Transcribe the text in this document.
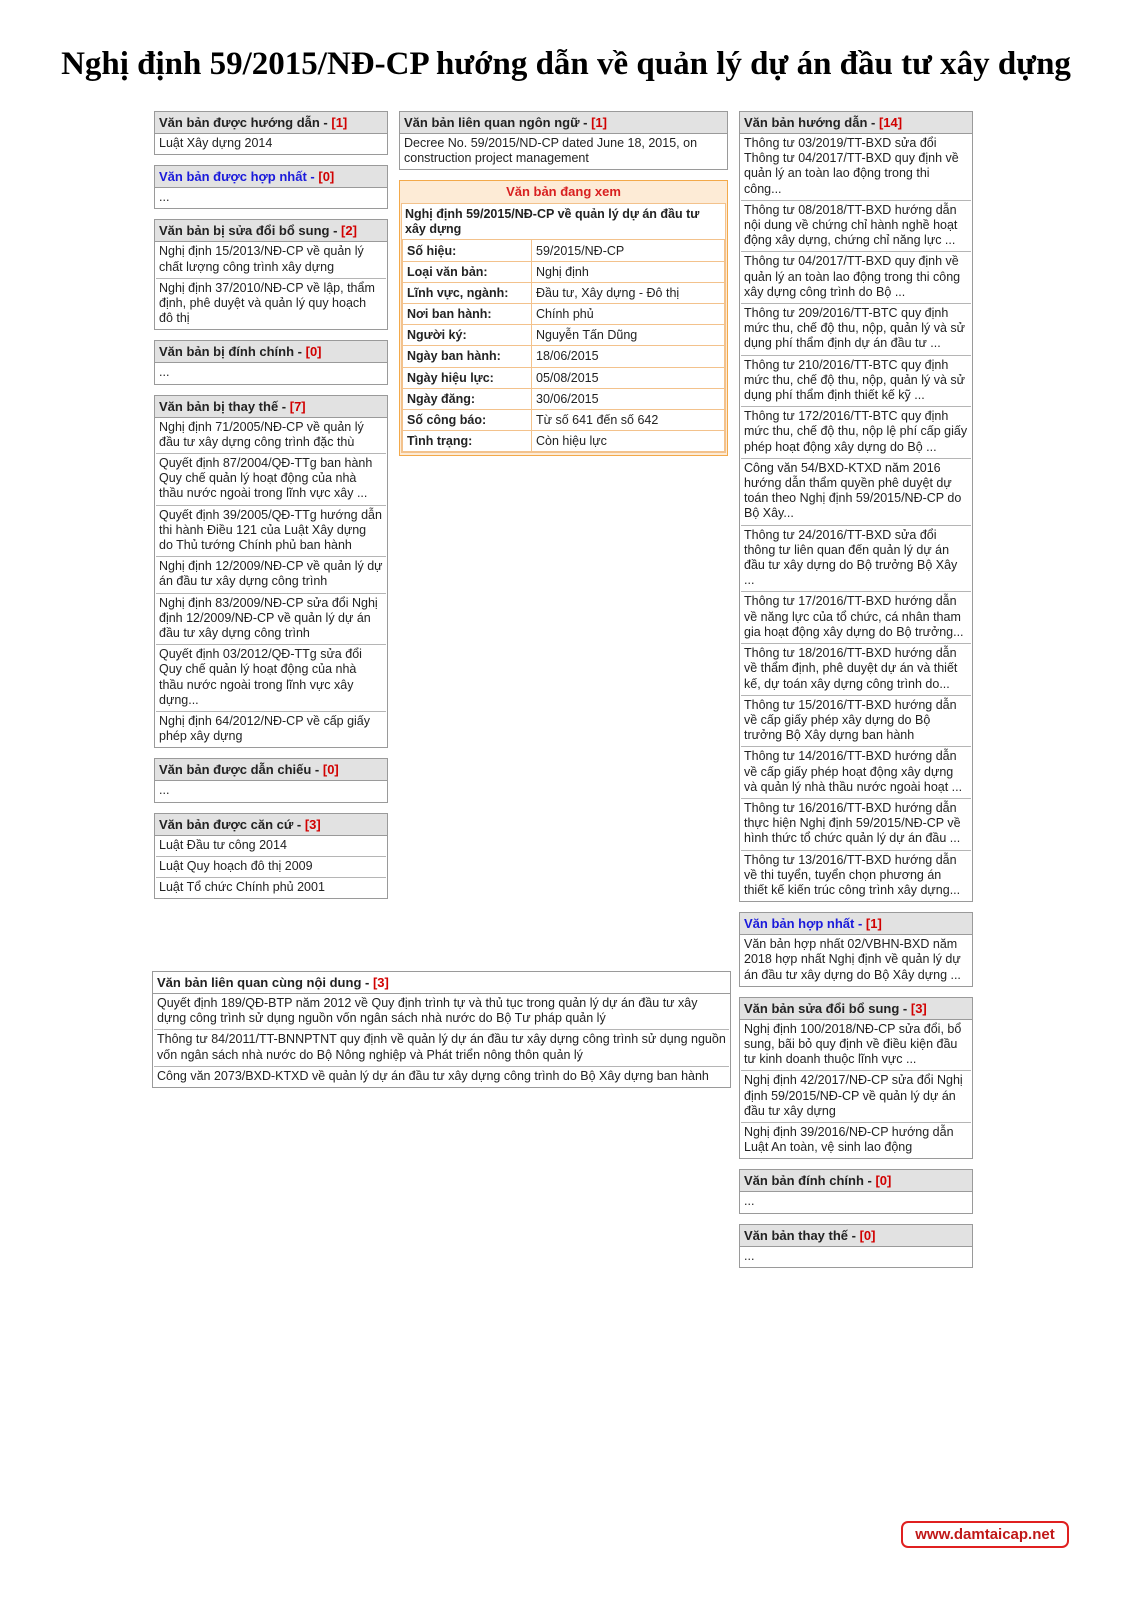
Nghị định 59/2015/NĐ-CP hướng dẫn về quản lý dự án đầu tư xây dựng
Văn bản được hướng dẫn - [1]
Luật Xây dựng 2014
Văn bản được hợp nhất - [0]
...
Văn bản bị sửa đổi bổ sung - [2]
Nghị định 15/2013/NĐ-CP về quản lý chất lượng công trình xây dựng
Nghị định 37/2010/NĐ-CP về lập, thẩm định, phê duyệt và quản lý quy hoạch đô thị
Văn bản bị đính chính - [0]
...
Văn bản bị thay thế - [7]
Nghị định 71/2005/NĐ-CP về quản lý đầu tư xây dựng công trình đặc thù
Quyết định 87/2004/QĐ-TTg ban hành Quy chế quản lý hoạt động của nhà thầu nước ngoài trong lĩnh vực xây ...
Quyết định 39/2005/QĐ-TTg hướng dẫn thi hành Điều 121 của Luật Xây dựng do Thủ tướng Chính phủ ban hành
Nghị định 12/2009/NĐ-CP về quản lý dự án đầu tư xây dựng công trình
Nghị định 83/2009/NĐ-CP sửa đổi Nghị định 12/2009/NĐ-CP về quản lý dự án đầu tư xây dựng công trình
Quyết định 03/2012/QĐ-TTg sửa đổi Quy chế quản lý hoạt động của nhà thầu nước ngoài trong lĩnh vực xây dựng...
Nghị định 64/2012/NĐ-CP về cấp giấy phép xây dựng
Văn bản được dẫn chiếu - [0]
...
Văn bản được căn cứ - [3]
Luật Đầu tư công 2014
Luật Quy hoạch đô thị 2009
Luật Tổ chức Chính phủ 2001
Văn bản liên quan ngôn ngữ - [1]
Decree No. 59/2015/ND-CP dated June 18, 2015, on construction project management
Văn bản đang xem
Nghị định 59/2015/NĐ-CP về quản lý dự án đầu tư xây dựng
Số hiệu:	59/2015/NĐ-CP
Loại văn bản:	Nghị định
Lĩnh vực, ngành:	Đầu tư, Xây dựng - Đô thị
Nơi ban hành:	Chính phủ
Người ký:	Nguyễn Tấn Dũng
Ngày ban hành:	18/06/2015
Ngày hiệu lực:	05/08/2015
Ngày đăng:	30/06/2015
Số công báo:	Từ số 641 đến số 642
Tình trạng:	Còn hiệu lực
Văn bản liên quan cùng nội dung - [3]
Quyết định 189/QĐ-BTP năm 2012 về Quy định trình tự và thủ tục trong quản lý dự án đầu tư xây dựng công trình sử dụng nguồn vốn ngân sách nhà nước do Bộ Tư pháp quản lý
Thông tư 84/2011/TT-BNNPTNT quy định về quản lý dự án đầu tư xây dựng công trình sử dụng nguồn vốn ngân sách nhà nước do Bộ Nông nghiệp và Phát triển nông thôn quản lý
Công văn 2073/BXD-KTXD về quản lý dự án đầu tư xây dựng công trình do Bộ Xây dựng ban hành
Văn bản hướng dẫn - [14]
Thông tư 03/2019/TT-BXD sửa đổi Thông tư 04/2017/TT-BXD quy định về quản lý an toàn lao động trong thi công...
Thông tư 08/2018/TT-BXD hướng dẫn nội dung về chứng chỉ hành nghề hoạt động xây dựng, chứng chỉ năng lực ...
Thông tư 04/2017/TT-BXD quy định về quản lý an toàn lao động trong thi công xây dựng công trình do Bộ ...
Thông tư 209/2016/TT-BTC quy định mức thu, chế độ thu, nộp, quản lý và sử dụng phí thẩm định dự án đầu tư ...
Thông tư 210/2016/TT-BTC quy định mức thu, chế độ thu, nộp, quản lý và sử dụng phí thẩm định thiết kế kỹ ...
Thông tư 172/2016/TT-BTC quy định mức thu, chế độ thu, nộp lệ phí cấp giấy phép hoạt động xây dựng do Bộ ...
Công văn 54/BXD-KTXD năm 2016 hướng dẫn thẩm quyền phê duyệt dự toán theo Nghị định 59/2015/NĐ-CP do Bộ Xây...
Thông tư 24/2016/TT-BXD sửa đổi thông tư liên quan đến quản lý dự án đầu tư xây dựng do Bộ trưởng Bộ Xây ...
Thông tư 17/2016/TT-BXD hướng dẫn về năng lực của tổ chức, cá nhân tham gia hoạt động xây dựng do Bộ trưởng...
Thông tư 18/2016/TT-BXD hướng dẫn về thẩm định, phê duyệt dự án và thiết kế, dự toán xây dựng công trình do...
Thông tư 15/2016/TT-BXD hướng dẫn về cấp giấy phép xây dựng do Bộ trưởng Bộ Xây dựng ban hành
Thông tư 14/2016/TT-BXD hướng dẫn về cấp giấy phép hoạt động xây dựng và quản lý nhà thầu nước ngoài hoạt ...
Thông tư 16/2016/TT-BXD hướng dẫn thực hiện Nghị định 59/2015/NĐ-CP về hình thức tổ chức quản lý dự án đầu ...
Thông tư 13/2016/TT-BXD hướng dẫn về thi tuyển, tuyển chọn phương án thiết kế kiến trúc công trình xây dựng...
Văn bản hợp nhất - [1]
Văn bản hợp nhất 02/VBHN-BXD năm 2018 hợp nhất Nghị định về quản lý dự án đầu tư xây dựng do Bộ Xây dựng ...
Văn bản sửa đổi bổ sung - [3]
Nghị định 100/2018/NĐ-CP sửa đổi, bổ sung, bãi bỏ quy định về điều kiện đầu tư kinh doanh thuộc lĩnh vực ...
Nghị định 42/2017/NĐ-CP sửa đổi Nghị định 59/2015/NĐ-CP về quản lý dự án đầu tư xây dựng
Nghị định 39/2016/NĐ-CP hướng dẫn Luật An toàn, vệ sinh lao động
Văn bản đính chính - [0]
...
Văn bản thay thế - [0]
...
www.damtaicap.net
